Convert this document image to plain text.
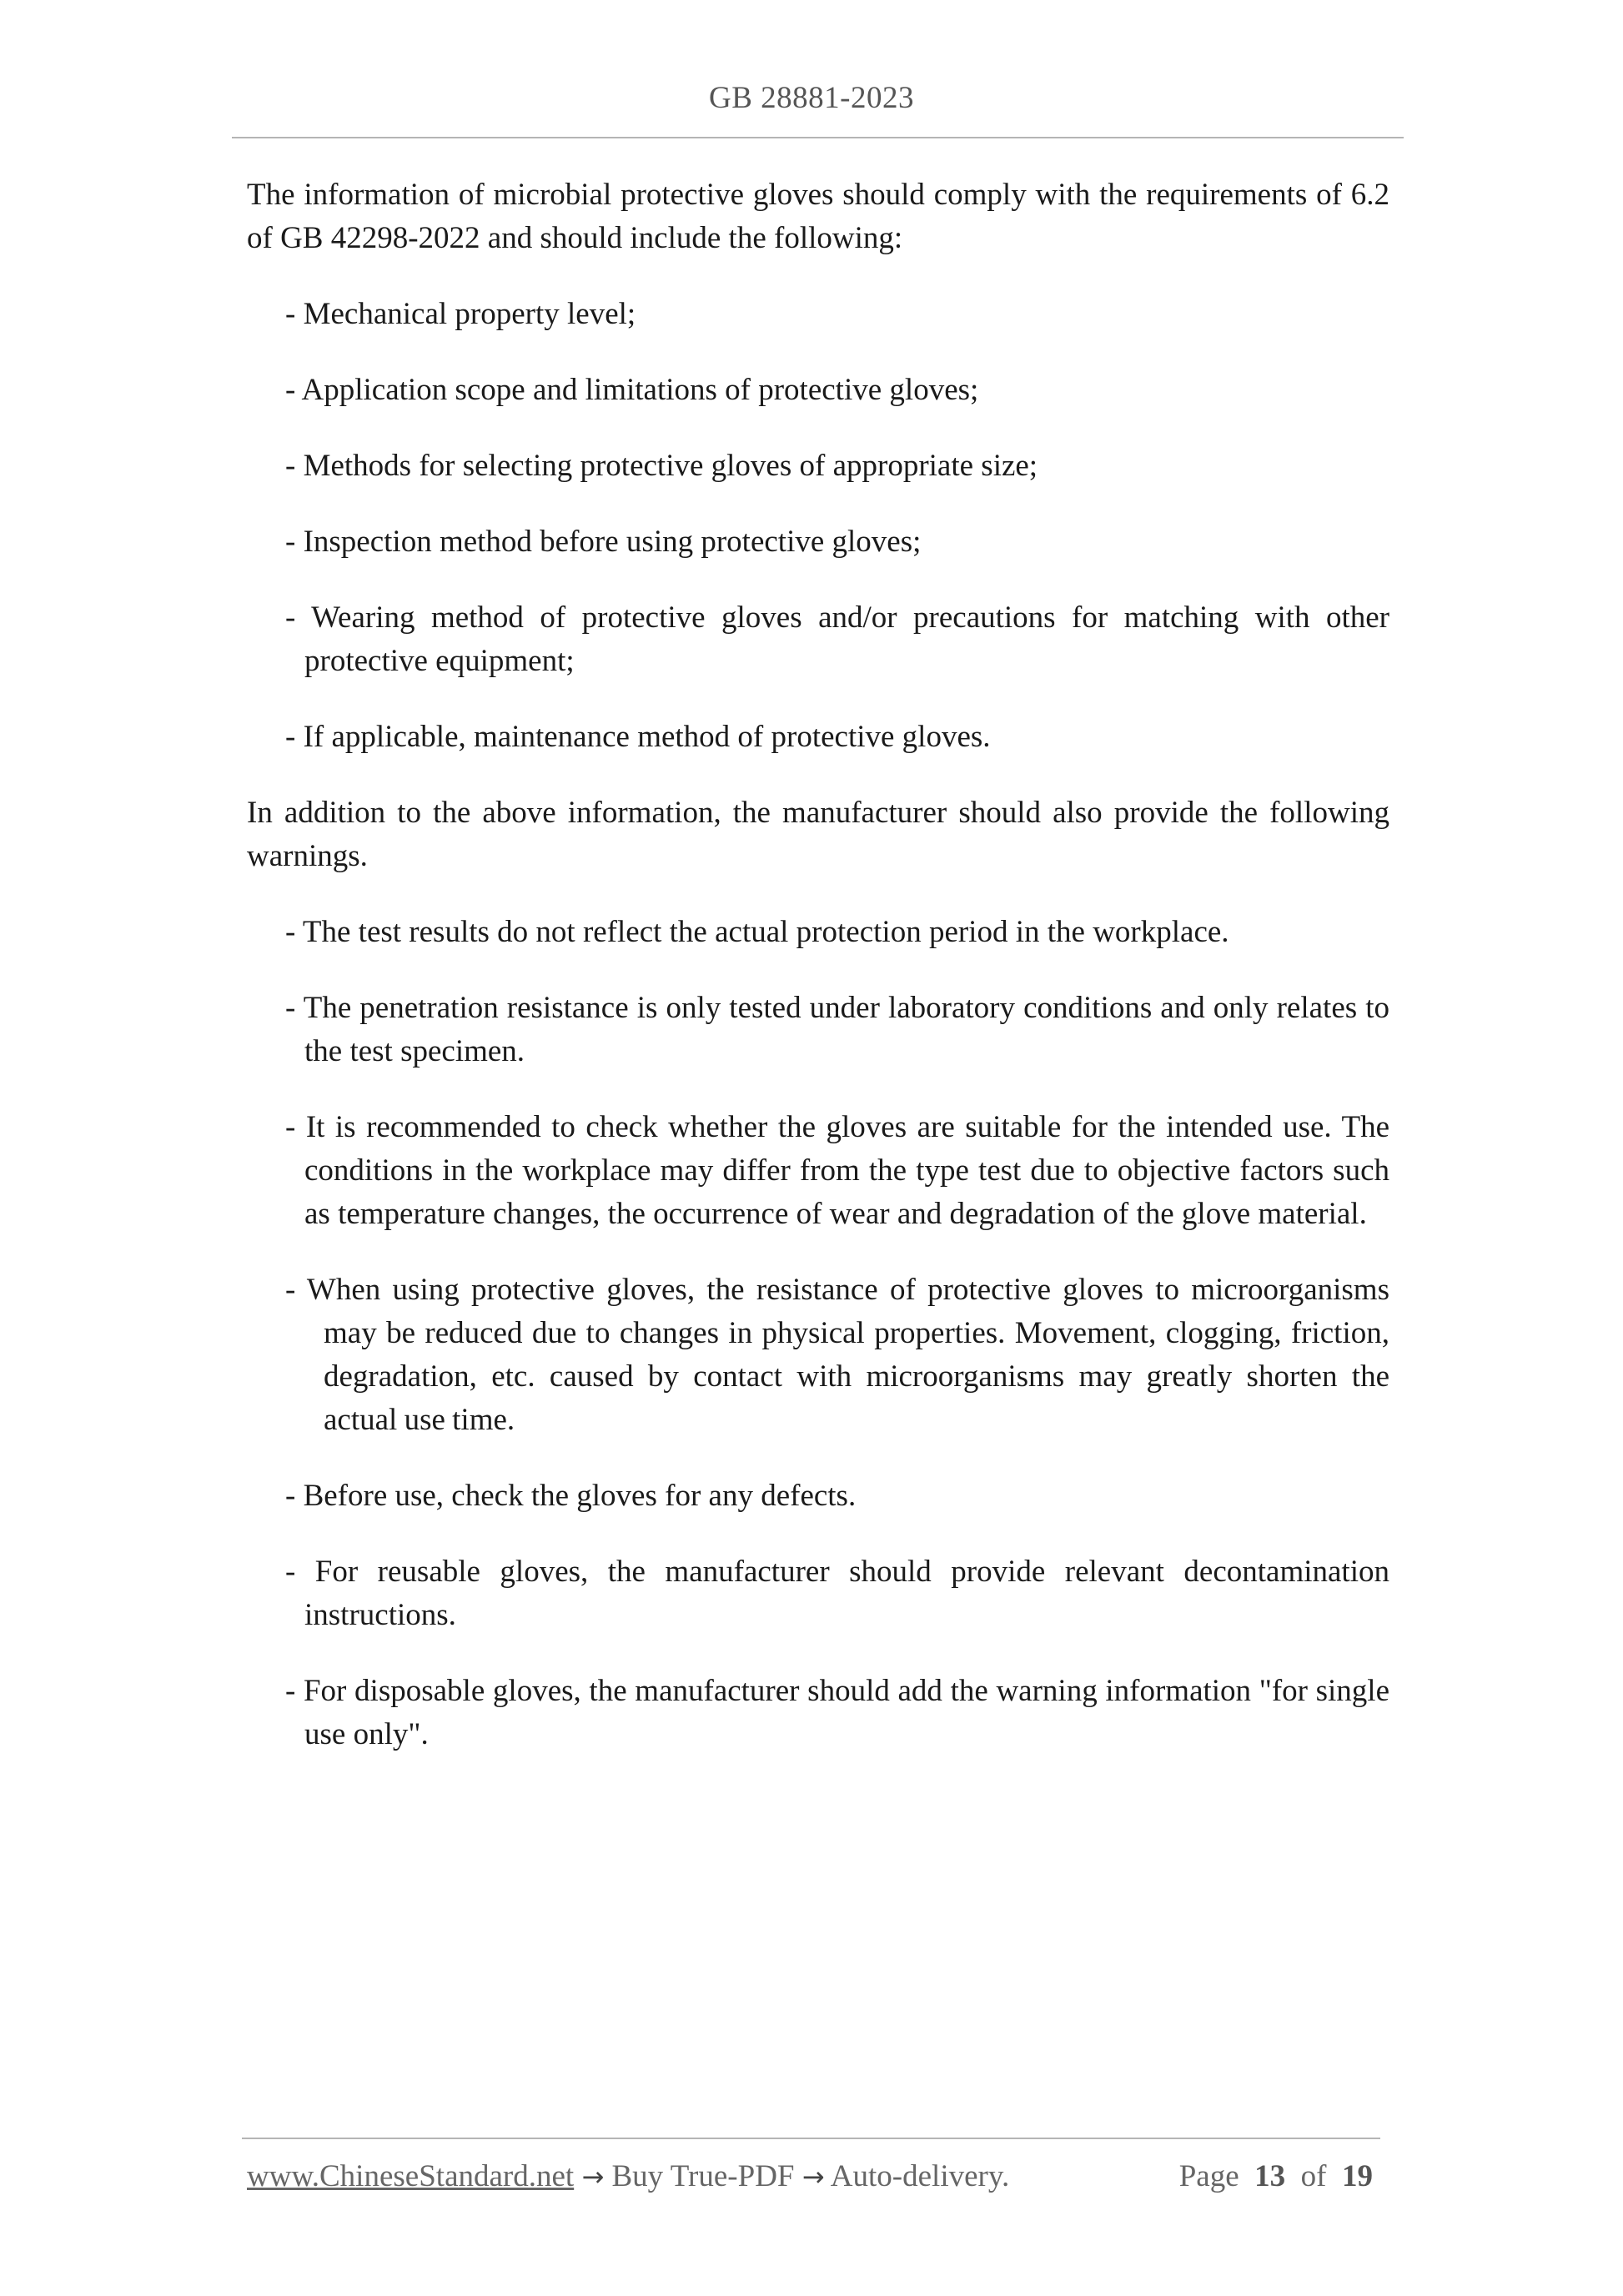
GB 28881-2023

The information of microbial protective gloves should comply with the requirements of 6.2 of GB 42298-2022 and should include the following:

- Mechanical property level;

- Application scope and limitations of protective gloves;

- Methods for selecting protective gloves of appropriate size;

- Inspection method before using protective gloves;

- Wearing method of protective gloves and/or precautions for matching with other protective equipment;

- If applicable, maintenance method of protective gloves.

In addition to the above information, the manufacturer should also provide the following warnings.

- The test results do not reflect the actual protection period in the workplace.

- The penetration resistance is only tested under laboratory conditions and only relates to the test specimen.

- It is recommended to check whether the gloves are suitable for the intended use. The conditions in the workplace may differ from the type test due to objective factors such as temperature changes, the occurrence of wear and degradation of the glove material.

- When using protective gloves, the resistance of protective gloves to microorganisms may be reduced due to changes in physical properties. Movement, clogging, friction, degradation, etc. caused by contact with microorganisms may greatly shorten the actual use time.

- Before use, check the gloves for any defects.

- For reusable gloves, the manufacturer should provide relevant decontamination instructions.

- For disposable gloves, the manufacturer should add the warning information "for single use only".

www.ChineseStandard.net → Buy True-PDF → Auto-delivery.	Page 13 of 19
